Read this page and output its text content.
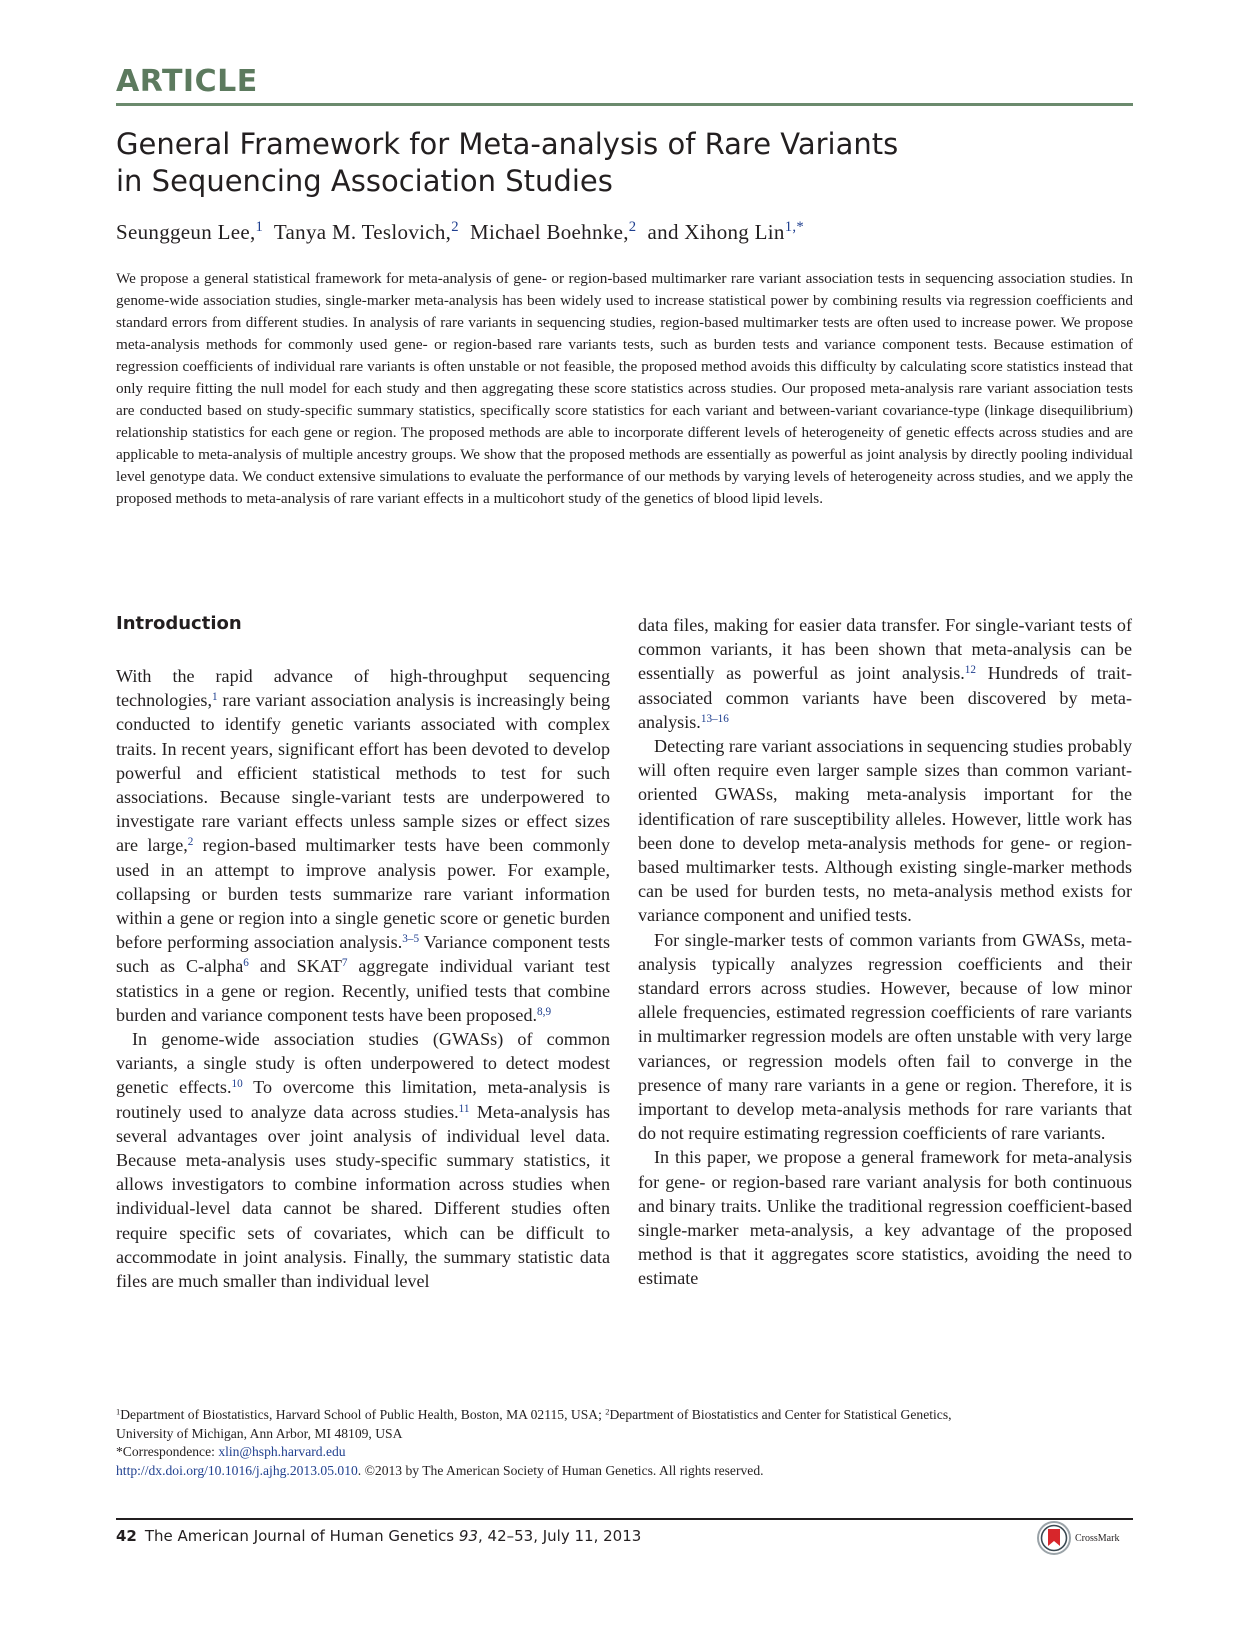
ARTICLE
General Framework for Meta-analysis of Rare Variants
in Sequencing Association Studies
Seunggeun Lee,$^1$ Tanya M. Teslovich,$^2$ Michael Boehnke,$^2$ and Xihong Lin$^{1,*}$
We propose a general statistical framework for meta-analysis of gene- or region-based multimarker rare variant association tests in sequencing association studies. In genome-wide association studies, single-marker meta-analysis has been widely used to increase statistical power by combining results via regression coefficients and standard errors from different studies. In analysis of rare variants in sequencing studies, region-based multimarker tests are often used to increase power. We propose meta-analysis methods for commonly used gene- or region-based rare variants tests, such as burden tests and variance component tests. Because estimation of regression coefficients of individual rare variants is often unstable or not feasible, the proposed method avoids this difficulty by calculating score statistics instead that only require fitting the null model for each study and then aggregating these score statistics across studies. Our proposed meta-analysis rare variant association tests are conducted based on study-specific summary statistics, specifically score statistics for each variant and between-variant covariance-type (linkage disequilibrium) relationship statistics for each gene or region. The proposed methods are able to incorporate different levels of heterogeneity of genetic effects across studies and are applicable to meta-analysis of multiple ancestry groups. We show that the proposed methods are essentially as powerful as joint analysis by directly pooling individual level genotype data. We conduct extensive simulations to evaluate the performance of our methods by varying levels of heterogeneity across studies, and we apply the proposed methods to meta-analysis of rare variant effects in a multicohort study of the genetics of blood lipid levels.
Introduction

With the rapid advance of high-throughput sequencing technologies,$^1$ rare variant association analysis is increasingly being conducted to identify genetic variants associated with complex traits. In recent years, significant effort has been devoted to develop powerful and efficient statistical methods to test for such associations. Because single-variant tests are underpowered to investigate rare variant effects unless sample sizes or effect sizes are large,$^2$ region-based multimarker tests have been commonly used in an attempt to improve analysis power. For example, collapsing or burden tests summarize rare variant information within a gene or region into a single genetic score or genetic burden before performing association analysis.$^{3-5}$ Variance component tests such as C-alpha$^6$ and SKAT$^7$ aggregate individual variant test statistics in a gene or region. Recently, unified tests that combine burden and variance component tests have been proposed.$^{8,9}$

In genome-wide association studies (GWASs) of common variants, a single study is often underpowered to detect modest genetic effects.$^{10}$ To overcome this limitation, meta-analysis is routinely used to analyze data across studies.$^{11}$ Meta-analysis has several advantages over joint analysis of individual level data. Because meta-analysis uses study-specific summary statistics, it allows investigators to combine information across studies when individual-level data cannot be shared. Different studies often require specific sets of covariates, which can be difficult to accommodate in joint analysis. Finally, the summary statistic data files are much smaller than individual level

data files, making for easier data transfer. For single-variant tests of common variants, it has been shown that meta-analysis can be essentially as powerful as joint analysis.$^{12}$ Hundreds of trait-associated common variants have been discovered by meta-analysis.$^{13-16}$

Detecting rare variant associations in sequencing studies probably will often require even larger sample sizes than common variant-oriented GWASs, making meta-analysis important for the identification of rare susceptibility alleles. However, little work has been done to develop meta-analysis methods for gene- or region-based multimarker tests. Although existing single-marker methods can be used for burden tests, no meta-analysis method exists for variance component and unified tests.

For single-marker tests of common variants from GWASs, meta-analysis typically analyzes regression coefficients and their standard errors across studies. However, because of low minor allele frequencies, estimated regression coefficients of rare variants in multimarker regression models are often unstable with very large variances, or regression models often fail to converge in the presence of many rare variants in a gene or region. Therefore, it is important to develop meta-analysis methods for rare variants that do not require estimating regression coefficients of rare variants.

In this paper, we propose a general framework for meta-analysis for gene- or region-based rare variant analysis for both continuous and binary traits. Unlike the traditional regression coefficient-based single-marker meta-analysis, a key advantage of the proposed method is that it aggregates score statistics, avoiding the need to estimate

$^1$Department of Biostatistics, Harvard School of Public Health, Boston, MA 02115, USA; $^2$Department of Biostatistics and Center for Statistical Genetics,
University of Michigan, Ann Arbor, MI 48109, USA
*Correspondence: xlin@hsph.harvard.edu
http://dx.doi.org/10.1016/j.ajhg.2013.05.010. ©2013 by The American Society of Human Genetics. All rights reserved.
42 The American Journal of Human Genetics 93, 42–53, July 11, 2013	CrossMark
